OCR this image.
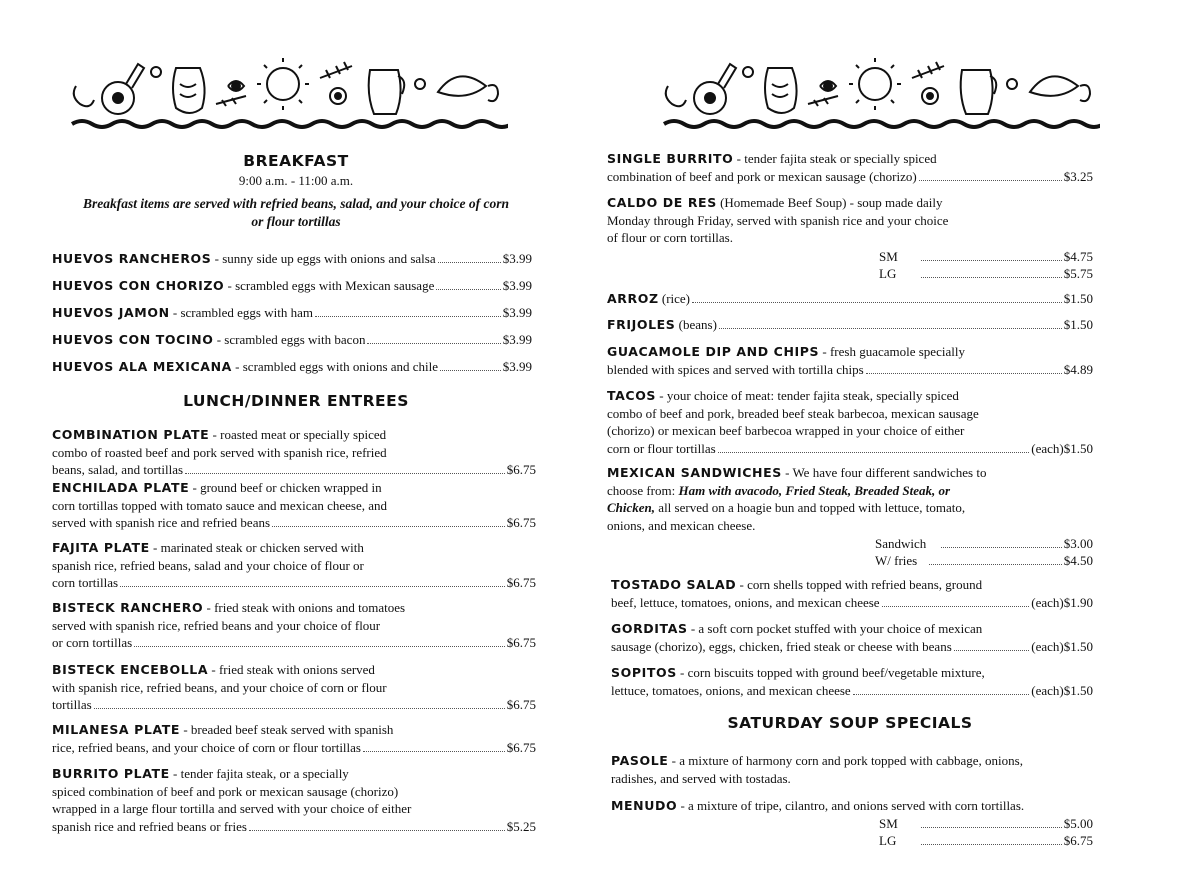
BREAKFAST
9:00 a.m. - 11:00 a.m.
Breakfast items are served with refried beans, salad, and your choice of corn
or flour tortillas
HUEVOS RANCHEROS - sunny side up eggs with onions and salsa	$3.99
HUEVOS CON CHORIZO - scrambled eggs with Mexican sausage	$3.99
HUEVOS JAMON - scrambled eggs with ham	$3.99
HUEVOS CON TOCINO - scrambled eggs with bacon	$3.99
HUEVOS ALA MEXICANA - scrambled eggs with onions and chile	$3.99
LUNCH/DINNER ENTREES
COMBINATION PLATE - roasted meat or specially spiced
combo of roasted beef and pork served with spanish rice, refried
beans, salad, and tortillas	$6.75
ENCHILADA PLATE - ground beef or chicken wrapped in
corn tortillas topped with tomato sauce and mexican cheese, and
served with spanish rice and refried beans	$6.75
FAJITA PLATE - marinated steak or chicken served with
spanish rice, refried beans, salad and your choice of flour or
corn tortillas	$6.75
BISTECK RANCHERO - fried steak with onions and tomatoes
served with spanish rice, refried beans and your choice of flour
or corn tortillas	$6.75
BISTECK ENCEBOLLA - fried steak with onions served
with spanish rice, refried beans, and your choice of corn or flour
tortillas	$6.75
MILANESA PLATE - breaded beef steak served with spanish
rice, refried beans, and your choice of corn or flour tortillas	$6.75
BURRITO PLATE - tender fajita steak, or a specially
spiced combination of beef and pork or mexican sausage (chorizo)
wrapped in a large flour tortilla and served with your choice of either
spanish rice and refried beans or fries	$5.25
SINGLE BURRITO - tender fajita steak or specially spiced
combination of beef and pork or mexican sausage (chorizo)	$3.25
CALDO DE RES (Homemade Beef Soup) - soup made daily
Monday through Friday, served with spanish rice and your choice
of flour or corn tortillas.
SM	$4.75
LG	$5.75
ARROZ (rice)	$1.50
FRIJOLES (beans)	$1.50
GUACAMOLE DIP AND CHIPS - fresh guacamole specially
blended with spices and served with tortilla chips	$4.89
TACOS - your choice of meat: tender fajita steak, specially spiced
combo of beef and pork, breaded beef steak barbecoa, mexican sausage
(chorizo) or mexican beef barbecoa wrapped in your choice of either
corn or flour tortillas	(each)$1.50
MEXICAN SANDWICHES - We have four different sandwiches to
choose from: Ham with avacodo, Fried Steak, Breaded Steak, or
Chicken, all served on a hoagie bun and topped with lettuce, tomato,
onions, and mexican cheese.
Sandwich	$3.00
W/ fries	$4.50
TOSTADO SALAD - corn shells topped with refried beans, ground
beef, lettuce, tomatoes, onions, and mexican cheese	(each)$1.90
GORDITAS - a soft corn pocket stuffed with your choice of mexican
sausage (chorizo), eggs, chicken, fried steak or cheese with beans	(each)$1.50
SOPITOS - corn biscuits topped with ground beef/vegetable mixture,
lettuce, tomatoes, onions, and mexican cheese	(each)$1.50
SATURDAY SOUP SPECIALS
PASOLE - a mixture of harmony corn and pork topped with cabbage, onions,
radishes, and served with tostadas.
MENUDO - a mixture of tripe, cilantro, and onions served with corn tortillas.
SM	$5.00
LG	$6.75
